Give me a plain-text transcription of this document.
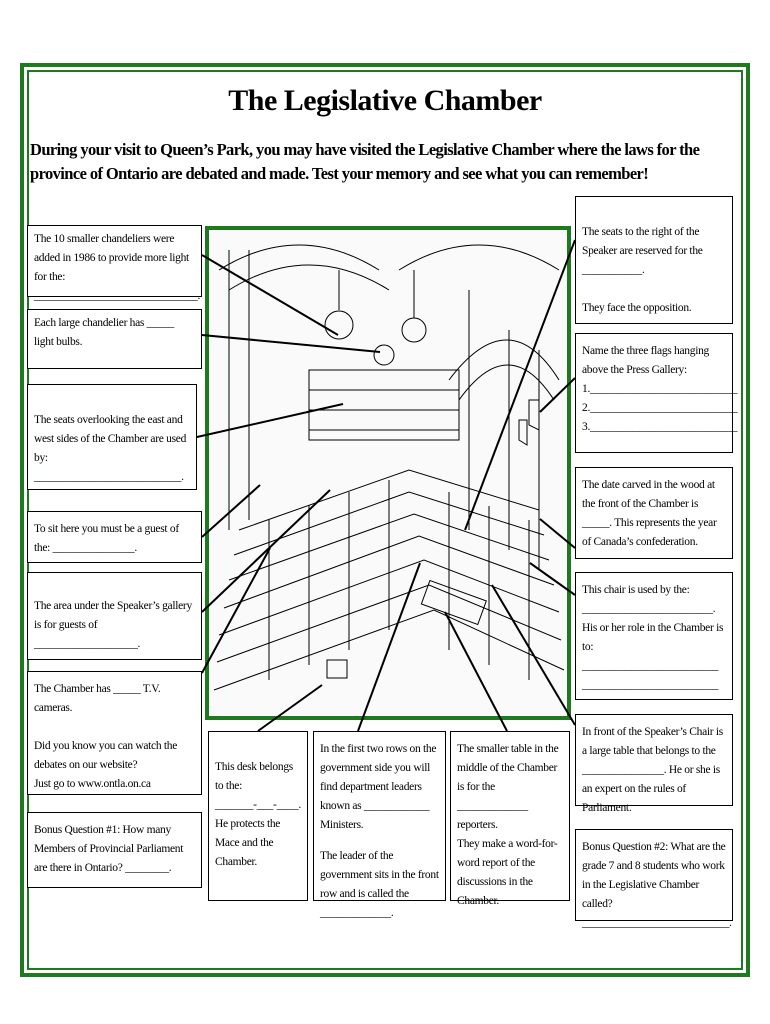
The Legislative Chamber
During your visit to Queen’s Park, you may have visited the Legislative Chamber where the laws for the province of Ontario are debated and made. Test your memory and see what you can remember!

The 10 smaller chandeliers were added in 1986 to provide more light for the: ______________________________.

Each large chandelier has _____ light bulbs.

The seats overlooking the east and west sides of the Chamber are used by: ___________________________.

To sit here you must be a guest of the: _______________.

The area under the Speaker’s gallery is for guests of ___________________.

The Chamber has _____ T.V. cameras.

Did you know you can watch the debates on our website?
Just go to www.ontla.on.ca

Bonus Question #1: How many Members of Provincial Parliament are there in Ontario? ________.

The seats to the right of the Speaker are reserved for the ___________.

They face the opposition.

Name the three flags hanging above the Press Gallery:
1.___________________________
2.___________________________
3.___________________________

The date carved in the wood at the front of the Chamber is _____. This represents the year of Canada’s confederation.

This chair is used by the: ________________________.
His or her role in the Chamber is to: _________________________
_________________________

In front of the Speaker’s Chair is a large table that belongs to the _______________. He or she is an expert on the rules of Parliament.

Bonus Question #2: What are the grade 7 and 8 students who work in the Legislative Chamber called? ___________________________.

This desk belongs to the:
_______-___-____.
He protects the Mace and the Chamber.

In the first two rows on the government side you will find department leaders known as ____________ Ministers.

The leader of the government sits in the front row and is called the _____________.

The smaller table in the middle of the Chamber is for the _____________ reporters.
They make a word-for-word report of the discussions in the Chamber.
